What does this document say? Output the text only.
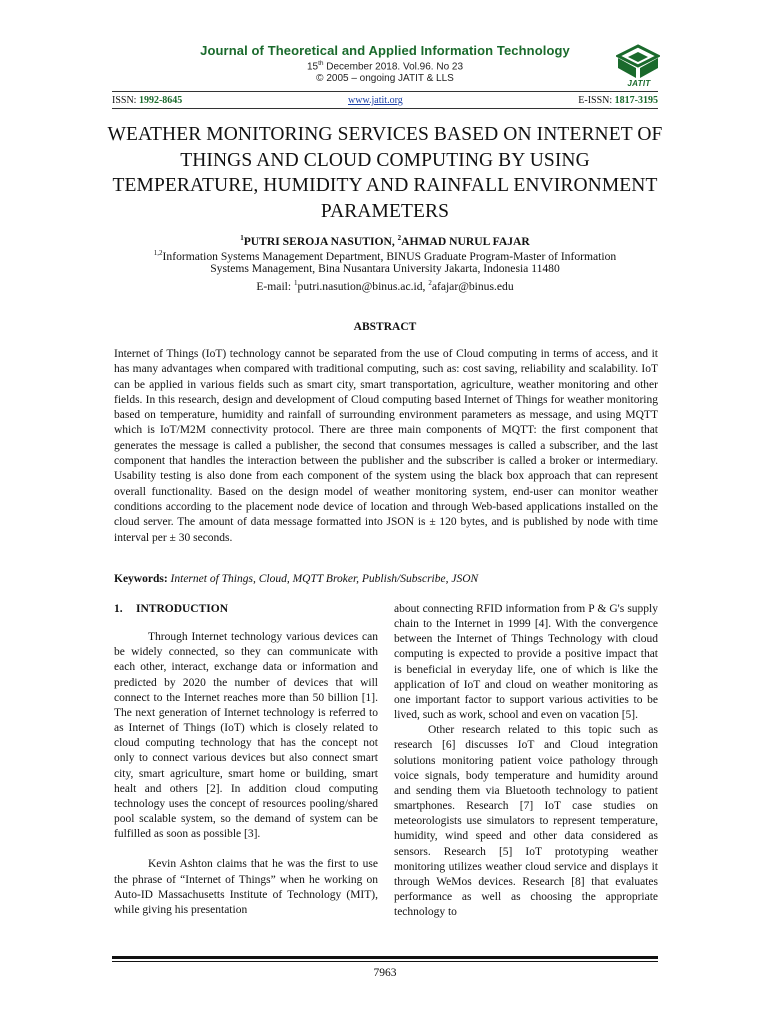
Journal of Theoretical and Applied Information Technology
15th December 2018. Vol.96. No 23
© 2005 – ongoing JATIT & LLS	JATIT
ISSN: 1992-8645	www.jatit.org	E-ISSN: 1817-3195
WEATHER MONITORING SERVICES BASED ON INTERNET OF THINGS AND CLOUD COMPUTING BY USING TEMPERATURE, HUMIDITY AND RAINFALL ENVIRONMENT PARAMETERS
$^1$PUTRI SEROJA NASUTION, $^2$AHMAD NURUL FAJAR
$^{1,2}$Information Systems Management Department, BINUS Graduate Program-Master of Information
Systems Management, Bina Nusantara University Jakarta, Indonesia 11480
E-mail: $^1$putri.nasution@binus.ac.id, $^2$afajar@binus.edu
ABSTRACT
Internet of Things (IoT) technology cannot be separated from the use of Cloud computing in terms of access, and it has many advantages when compared with traditional computing, such as: cost saving, reliability and scalability. IoT can be applied in various fields such as smart city, smart transportation, agriculture, weather monitoring and other fields. In this research, design and development of Cloud computing based Internet of Things for weather monitoring based on temperature, humidity and rainfall of surrounding environment parameters as message, and using MQTT which is IoT/M2M connectivity protocol. There are three main components of MQTT: the first component that generates the message is called a publisher, the second that consumes messages is called a subscriber, and the last component that handles the interaction between the publisher and the subscriber is called a broker or intermediary. Usability testing is also done from each component of the system using the black box approach that can represent overall functionality. Based on the design model of weather monitoring system, end-user can monitor weather conditions according to the placement node device of location and through Web-based applications installed on the cloud server. The amount of data message formatted into JSON is ± 120 bytes, and is published by node with time interval per ± 30 seconds.
Keywords: Internet of Things, Cloud, MQTT Broker, Publish/Subscribe, JSON
1. INTRODUCTION

Through Internet technology various devices can be widely connected, so they can communicate with each other, interact, exchange data or information and predicted by 2020 the number of devices that will connect to the Internet reaches more than 50 billion [1]. The next generation of Internet technology is referred to as Internet of Things (IoT) which is closely related to cloud computing technology that has the concept not only to connect various devices but also connect smart city, smart agriculture, smart home or building, smart healt and others [2]. In addition cloud computing technology uses the concept of resources pooling/shared pool scalable system, so the demand of system can be fulfilled as soon as possible [3].

Kevin Ashton claims that he was the first to use the phrase of “Internet of Things” when he working on Auto-ID Massachusetts Institute of Technology (MIT), while giving his presentation

about connecting RFID information from P & G's supply chain to the Internet in 1999 [4]. With the convergence between the Internet of Things Technology with cloud computing is expected to provide a positive impact that is beneficial in everyday life, one of which is like the application of IoT and cloud on weather monitoring as one important factor to support various activities to be lived, such as work, school and even on vacation [5].

Other research related to this topic such as research [6] discusses IoT and Cloud integration solutions monitoring patient voice pathology through voice signals, body temperature and humidity around and sending them via Bluetooth technology to patient smartphones. Research [7] IoT case studies on meteorologists use simulators to represent temperature, humidity, wind speed and other data considered as sensors. Research [5] IoT prototyping weather monitoring utilizes weather cloud service and displays it through WeMos devices. Research [8] that evaluates performance as well as choosing the appropriate technology to

7963
